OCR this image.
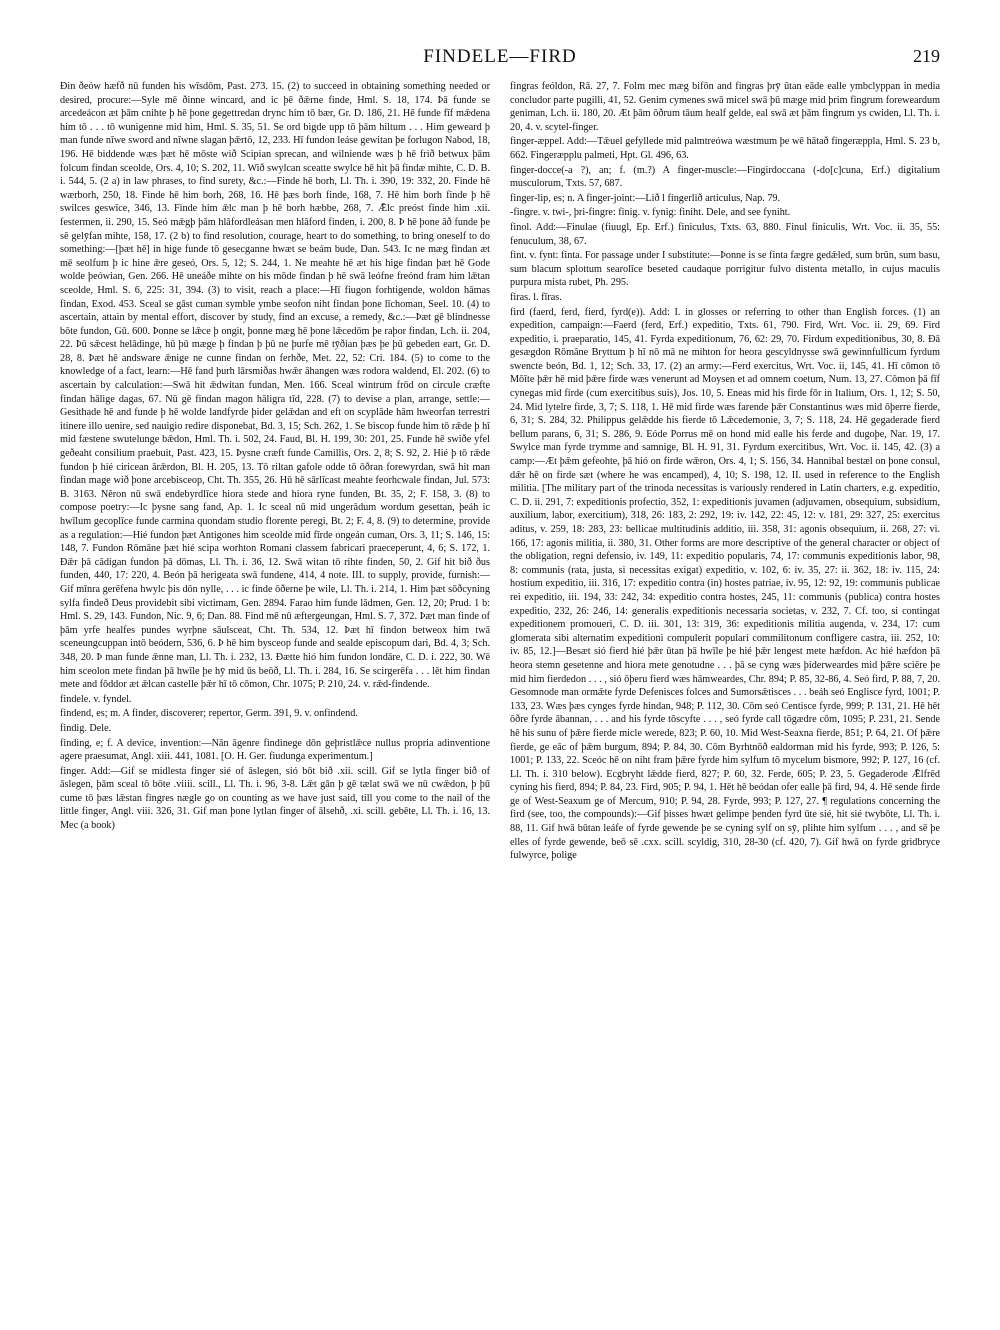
FINDELE—FIRD	219

Đin ðeów hæfð nū funden his wīsdōm, Past. 273. 15. (2) to succeed in obtaining something needed or desired, procure:—Syle mē ðinne wincard, and ic þē ðǣrne finde, Hml. S. 18, 174. Þā funde se arcedeácon æt þām cnihte þ hē þone gegettredan drync him tō bær, Gr. D. 186, 21. Hē funde fīf mǣdena him tō . . . tō wunigenne mid him, Hml. S. 35, 51. Se ord bigde upp tō þām hiltum . . . Him geweard þ man funde nīwe sword and nīwne slagan þǣrtō, 12, 233. Hī fundon leáse gewitan þe forlugon Nabod, 18, 196. Hē biddende wæs þæt hē mōste wið Scipian sprecan, and wilniende wæs þ hē frið betwux þām folcum findan sceolde, Ors. 4, 10; S. 202, 11. Wið swylcan sceatte swylce hē hit þā findæ mihte, C. D. B. i. 544, 5. (2 a) in law phrases, to find surety, &c.:—Finde hē borh, Ll. Th. i. 390, 19: 332, 20. Finde hē wærborh, 250, 18. Finde hē him borh, 268, 16. Hē þæs borh finde, 168, 7. Hē him borh finde þ hē swilces geswīce, 346, 13. Finde him ǣlc man þ hē borh hæbbe, 268, 7. Ǣlc preóst finde him .xii. festermen, ii. 290, 15. Seó mǣgþ þām hlāfordleásan men hlāford finden, i. 200, 8. Þ hē þone āð funde þe sē gelȳfan mihte, 158, 17. (2 b) to find resolution, courage, heart to do something, to bring oneself to do something:—[þæt hē] in hige funde tō gesecganne hwæt se beám bude, Dan. 543. Ic ne mæg findan æt mē seolfum þ ic hine ǣre geseó, Ors. 5, 12; S. 244, 1. Ne meahte hē æt his hige findan þæt hē Gode wolde þeówian, Gen. 266. Hē uneáðe mihte on his mōde findan þ hē swā leófne freónd fram him lǣtan sceolde, Hml. S. 6, 225: 31, 394. (3) to visit, reach a place:—Hī fiugon forhtigende, woldon hāmas findan, Exod. 453. Sceal se gāst cuman symble ymbe seofon niht findan þone līchoman, Seel. 10. (4) to ascertain, attain by mental effort, discover by study, find an excuse, a remedy, &c.:—Þæt gē blindnesse bōte fundon, Gū. 600. Þonne se lǣce þ ongit, þonne mæg hē þone lǣcedōm þe raþor findan, Lch. ii. 204, 22. Þū sǣcest helādinge, hū þū mæge þ findan þ þū ne þurfe mē tȳðian þæs þe þū gebeden eart, Gr. D. 28, 8. Þæt hē andsware ǣnige ne cunne findan on ferhðe, Met. 22, 52: Cri. 184. (5) to come to the knowledge of a fact, learn:—Hē fand þurh lārsmiðas hwǣr āhangen wæs rodora waldend, El. 202. (6) to ascertain by calculation:—Swā hit ǣdwitan fundan, Men. 166. Sceal wintrum frōd on circule cræfte findan hālige dagas, 67. Nū gē findan magon hāligra tīd, 228. (7) to devise a plan, arrange, settle:—Gesithade hē and funde þ hē wolde landfyrde þider gelǣdan and eft on scyplāde hām hweorfan terrestri itinere illo uenire, sed nauigio redire disponebat, Bd. 3, 15; Sch. 262, 1. Se biscop funde him tō rǣde þ hī mid fæstene swutelunge bǣdon, Hml. Th. i. 502, 24. Faud, Bl. H. 199, 30: 201, 25. Funde hē swiðe yfel geðeaht consilium praebuit, Past. 423, 15. Þysne cræft funde Camillis, Ors. 2, 8; S. 92, 2. Hié þ tō rǣde fundon þ hié ciricean ārǣrdon, Bl. H. 205, 13. Tō riltan gafole odde tō ōðran forewyrdan, swā hit man findan mage wið þone arcebisceop, Cht. Th. 355, 26. Hū hē sārlīcast meahte feorhcwale findan, Jul. 573: B. 3163. Nēron nū swā endebyrdlīce hiora stede and hiora ryne funden, Bt. 35, 2; F. 158, 3. (8) to compose poetry:—Ic þysne sang fand, Ap. 1. Ic sceal nū mid ungerādum wordum gesettan, þeáh ic hwīlum gecoplīce funde carmina quondam studio florente peregi, Bt. 2; F. 4, 8. (9) to determine, provide as a regulation:—Hié fundon þæt Antigones him sceolde mid fīrde ongeán cuman, Ors. 3, 11; S. 146, 15: 148, 7. Fundon Rōmāne þæt hié scipa worhton Romani classem fabricari praeceperunt, 4, 6; S. 172, 1. Ðǣr þā cādigan fundon þā dōmas, Ll. Th. i. 36, 12. Swā witan tō rihte finden, 50, 2. Gif hit bið ðus funden, 440, 17: 220, 4. Beón þā herigeata swā fundene, 414, 4 note. III. to supply, provide, furnish:—Gif mīnra gerēfena hwylc þis dōn nylle, . . . ic finde ōðerne þe wile, Ll. Th. i. 214, 1. Him þæt sōðcyning sylfa findeð Deus providebit sibi victimam, Gen. 2894. Farao him funde lādmen, Gen. 12, 20; Prud. 1 b: Hml. S. 29, 143. Fundon, Nic. 9, 6; Dan. 88. Find mē nū æftergeungan, Hml. S. 7, 372. Þæt man finde of þām yrfe healfes pundes wyrþne sāulsceat, Cht. Th. 534, 12. Þæt hī findon betweox him twā sceneungcuppan intō beódern, 536, 6. Þ hē him bysceop funde and sealde episcopum dari, Bd. 4, 3; Sch. 348, 20. Þ man funde ǣnne man, Ll. Th. i. 232, 13. Ðætte hió him fundon londāre, C. D. i. 222, 30. Wē him sceolon mete findan þā hwīle þe hȳ mid ūs beōð, Ll. Th. i. 284, 16. Se scirgerēfa . . . lēt him findan mete and fōddor æt ǣlcan castelle þǣr hī tō cōmon, Chr. 1075; P. 210, 24. v. rǣd-findende.

findele. v. fyndel.

findend, es; m. A finder, discoverer; repertor, Germ. 391, 9. v. onfindend.

findig. Dele.

finding, e; f. A device, invention:—Nān āgenre findinege dōn geþristlǣce nullus propria adinventione agere praesumat, Angl. xiii. 441, 1081. [O. H. Ger. fiudunga experimentum.]

finger. Add:—Gif se midlesta finger sié of āslegen, sió bōt bið .xii. scill. Gif se lytla finger bið of āslegen, þām sceal tō bōte .viiii. scill., Ll. Th. i. 96, 3-8. Lǣt gān þ gē tælat swā we nū cwǣdon, þ þū cume tō þæs lǣstan fingres nægle go on counting as we have just said, till you come to the nail of the little finger, Angl. viii. 326, 31. Gif man þone lytlan finger of ālsehð, .xi. scill. gebēte, Ll. Th. i. 16, 13. Mec (a book)

fingras feóldon, Rā. 27, 7. Folm mec mæg bifōn and fingras þrȳ ūtan eāde ealle ymbclyppan in media concludor parte pugilli, 41, 52. Genim cymenes swā micel swā þū mæge mid þrim fingrum foreweardum geniman, Lch. ii. 180, 20. Æt þām ōðrum tāum healf gelde, eal swā æt þām fingrum ys cwiden, Ll. Th. i. 20, 4. v. scytel-finger.

finger-æppel. Add:—Tǣuel gefyllede mid palmtreówa wæstmum þe wē hātað fingeræppla, Hml. S. 23 b, 662. Fingeræpplu palmeti, Hpt. Gl. 496, 63.

finger-docce(-a ?), an; f. (m.?) A finger-muscle:—Fingirdoccana (-do[c]cuna, Erf.) digitalium musculorum, Txts. 57, 687.

finger-lip, es; n. A finger-joint:—Lið l fingerlið articulus, Nap. 79.

-fingre. v. twi-, þri-fingre: finig. v. fynig: finiht. Dele, and see fyniht.

finol. Add:—Finulae (fiuugl, Ep. Erf.) finiculus, Txts. 63, 880. Finul finiculis, Wrt. Voc. ii. 35, 55: fenuculum, 38, 67.

fint. v. fynt: finta. For passage under I substitute:—Þonne is se finta fægre gedǣled, sum brūn, sum basu, sum blacum splottum searolīce beseted caudaque porrigitur fulvo distenta metallo, in cujus maculis purpura mista rubet, Ph. 295.

firas. l. fīras.

fird (faerd, ferd, fierd, fyrd(e)). Add: I. in glosses or referring to other than English forces. (1) an expedition, campaign:—Faerd (ferd, Erf.) expeditio, Txts. 61, 790. Fird, Wrt. Voc. ii. 29, 69. Fird expeditio, i. praeparatio, 145, 41. Fyrda expeditionum, 76, 62: 29, 70. Firdum expeditionibus, 30, 8. Đā gesægdon Rōmāne Bryttum þ hī nō mā ne mihton for heora gescyldnysse swā gewinnfullicum fyrdum swencte beón, Bd. 1, 12; Sch. 33, 17. (2) an army:—Ferd exercitus, Wrt. Voc. ii, 145, 41. Hī cōmon tō Mōīte þǣr hē mid þǣre firde wæs venerunt ad Moysen et ad omnem coetum, Num. 13, 27. Cōmon þā fīf cynegas mid firde (cum exercitibus suis), Jos. 10, 5. Eneas mid his firde fōr in Italium, Ors. 1, 12; S. 50, 24. Mid lytelre firde, 3, 7; S. 118, 1. Hē mid firde wæs farende þǣr Constantinus wæs mid ōþerre fierde, 6, 31; S. 284, 32. Philippus gelǣdde his fierde tō Lǣcedemonie, 3, 7; S. 118, 24. Hē gegaderade fierd bellum parans, 6, 31; S. 286, 9. Eóde Porrus mē on hond mid ealle his ferde and dugoþe, Nar. 19, 17. Swylce man fyrde trymme and samnige, Bl. H. 91, 31. Fyrdum exercitibus, Wrt. Voc. ii. 145, 42. (3) a camp:—Æt þǣm gefeohte, þā hió on firde wǣron, Ors. 4, 1; S. 156, 34. Hannibal bestæl on þone consul, dǣr hē on firde sæt (where he was encamped), 4, 10; S. 198, 12. II. used in reference to the English militia. [The military part of the trinoda necessitas is variously rendered in Latin charters, e.g. expeditio, C. D. ii. 291, 7: expeditionis profectio, 352, 1: expeditionis juvamen (adjuvamen, obsequium, subsidium, auxilium, labor, exercitium), 318, 26: 183, 2: 292, 19: iv. 142, 22: 45, 12: v. 181, 29: 327, 25: exercitus aditus, v. 259, 18: 283, 23: bellicae multitudinis additio, iii. 358, 31: agonis obsequium, ii. 268, 27: vi. 166, 17: agonis militia, ii. 380, 31. Other forms are more descriptive of the general character or object of the obligation, regni defensio, iv. 149, 11: expeditio popularis, 74, 17: communis expeditionis labor, 98, 8: communis (rata, justa, si necessitas exigat) expeditio, v. 102, 6: iv. 35, 27: ii. 362, 18: iv. 115, 24: hostium expeditio, iii. 316, 17: expeditio contra (in) hostes patriae, iv. 95, 12: 92, 19: communis publicae rei expeditio, iii. 194, 33: 242, 34: expeditio contra hostes, 245, 11: communis (publica) contra hostes expeditio, 232, 26: 246, 14: generalis expeditionis necessaria societas, v. 232, 7. Cf. too, si contingat expeditionem promoueri, C. D. iii. 301, 13: 319, 36: expeditionis militia augenda, v. 234, 17: cum glomerata sibi alternatim expeditioni compulerit populari commilitonum confligere castra, iii. 252, 10: iv. 85, 12.]—Besæt sió fierd hié þǣr ūtan þā hwīle þe hié þǣr lengest mete hæfdon. Ac hié hæfdon þā heora stemn gesetenne and hiora mete genotudne . . . þā se cyng wæs þiderweardes mid þǣre sciēre þe mid him fierdedon . . . , sió ōþeru fierd wæs hāmweardes, Chr. 894; P. 85, 32-86, 4. Seó fird, P. 88, 7, 20. Gesomnode man ormǣte fyrde Defenisces folces and Sumorsǣtisces . . . beáh seó Englisce fyrd, 1001; P. 133, 23. Wæs þæs cynges fyrde hindan, 948; P. 112, 30. Cōm seó Centisce fyrde, 999; P. 131, 21. Hē hēt ōðre fyrde ābannan, . . . and his fyrde tōscyfte . . . , seó fyrde call tōgædre cōm, 1095; P. 231, 21. Sende hē his sunu of þǣre fierde micle werede, 823; P. 60, 10. Mid West-Seaxna fierde, 851; P. 64, 21. Of þǣre fierde, ge eāc of þǣm burgum, 894; P. 84, 30. Cōm Byrhtnōð ealdorman mid his fyrde, 993; P. 126, 5: 1001; P. 133, 22. Sceóc hē on niht fram þǣre fyrde him sylfum tō mycelum bismore, 992; P. 127, 16 (cf. Ll. Th. i. 310 below). Ecgbryht lǣdde fierd, 827; P. 60, 32. Ferde, 605; P. 23, 5. Gegaderode Ǣlfrēd cyning his fierd, 894; P. 84, 23. Fird, 905; P. 94, 1. Hēt hē beódan ofer ealle þā fird, 94, 4. Hē sende firde ge of West-Seaxum ge of Mercum, 910; P. 94, 28. Fyrde, 993; P. 127, 27. ¶ regulations concerning the fird (see, too, the compounds):—Gif þisses hwæt gelimpe þenden fyrd ūte sié, hit sié twybōte, Ll. Th. i. 88, 11. Gif hwā būtan leáfe of fyrde gewende þe se cyning sylf on sȳ, plihte him sylfum . . . , and sē þe elles of fyrde gewende, beō sē .cxx. scill. scyldig, 310, 28-30 (cf. 420, 7). Gif hwā on fyrde gridbryce fulwyrce, þolige
